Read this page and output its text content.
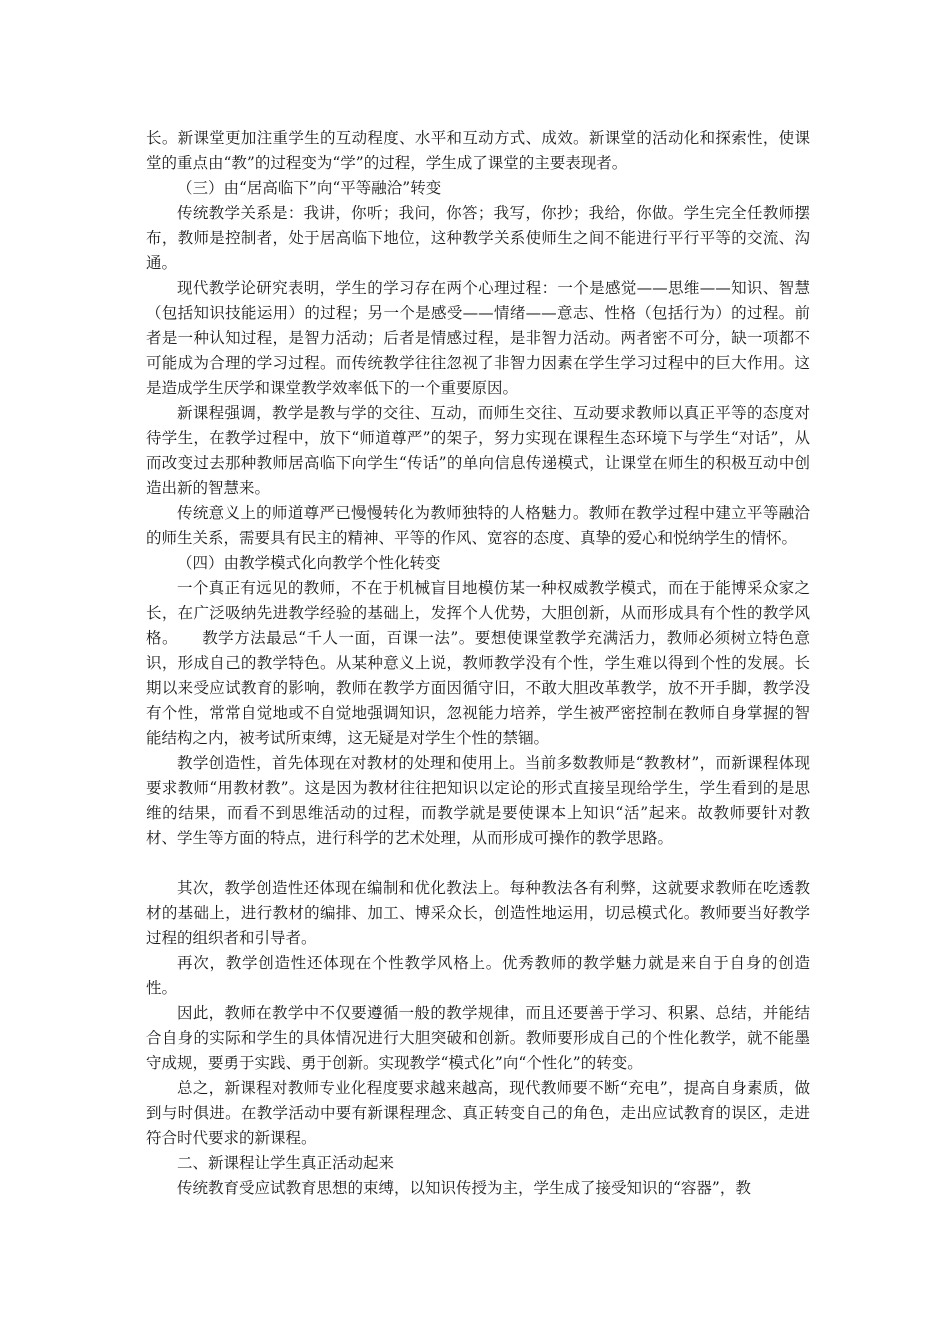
长。新课堂更加注重学生的互动程度、水平和互动方式、成效。新课堂的活动化和探索性，使课堂的重点由“教”的过程变为“学”的过程，学生成了课堂的主要表现者。

（三）由“居高临下”向“平等融洽”转变

传统教学关系是：我讲，你听；我问，你答；我写，你抄；我给，你做。学生完全任教师摆布，教师是控制者，处于居高临下地位，这种教学关系使师生之间不能进行平行平等的交流、沟通。

现代教学论研究表明，学生的学习存在两个心理过程：一个是感觉——思维——知识、智慧（包括知识技能运用）的过程；另一个是感受——情绪——意志、性格（包括行为）的过程。前者是一种认知过程，是智力活动；后者是情感过程，是非智力活动。两者密不可分，缺一项都不可能成为合理的学习过程。而传统教学往往忽视了非智力因素在学生学习过程中的巨大作用。这是造成学生厌学和课堂教学效率低下的一个重要原因。

新课程强调，教学是教与学的交往、互动，而师生交往、互动要求教师以真正平等的态度对待学生，在教学过程中，放下“师道尊严”的架子，努力实现在课程生态环境下与学生“对话”，从而改变过去那种教师居高临下向学生“传话”的单向信息传递模式，让课堂在师生的积极互动中创造出新的智慧来。

传统意义上的师道尊严已慢慢转化为教师独特的人格魅力。教师在教学过程中建立平等融洽的师生关系，需要具有民主的精神、平等的作风、宽容的态度、真挚的爱心和悦纳学生的情怀。

（四）由教学模式化向教学个性化转变

一个真正有远见的教师，不在于机械盲目地模仿某一种权威教学模式，而在于能博采众家之长，在广泛吸纳先进教学经验的基础上，发挥个人优势，大胆创新，从而形成具有个性的教学风格。　　教学方法最忌“千人一面，百课一法”。要想使课堂教学充满活力，教师必须树立特色意识，形成自己的教学特色。从某种意义上说，教师教学没有个性，学生难以得到个性的发展。长期以来受应试教育的影响，教师在教学方面因循守旧，不敢大胆改革教学，放不开手脚，教学没有个性，常常自觉地或不自觉地强调知识，忽视能力培养，学生被严密控制在教师自身掌握的智能结构之内，被考试所束缚，这无疑是对学生个性的禁锢。

教学创造性，首先体现在对教材的处理和使用上。当前多数教师是“教教材”，而新课程体现要求教师“用教材教”。这是因为教材往往把知识以定论的形式直接呈现给学生，学生看到的是思维的结果，而看不到思维活动的过程，而教学就是要使课本上知识“活”起来。故教师要针对教材、学生等方面的特点，进行科学的艺术处理，从而形成可操作的教学思路。

其次，教学创造性还体现在编制和优化教法上。每种教法各有利弊，这就要求教师在吃透教材的基础上，进行教材的编排、加工、博采众长，创造性地运用，切忌模式化。教师要当好教学过程的组织者和引导者。

再次，教学创造性还体现在个性教学风格上。优秀教师的教学魅力就是来自于自身的创造性。

因此，教师在教学中不仅要遵循一般的教学规律，而且还要善于学习、积累、总结，并能结合自身的实际和学生的具体情况进行大胆突破和创新。教师要形成自己的个性化教学，就不能墨守成规，要勇于实践、勇于创新。实现教学“模式化”向“个性化”的转变。

总之，新课程对教师专业化程度要求越来越高，现代教师要不断“充电”，提高自身素质，做到与时俱进。在教学活动中要有新课程理念、真正转变自己的角色，走出应试教育的误区，走进符合时代要求的新课程。

二、新课程让学生真正活动起来

传统教育受应试教育思想的束缚，以知识传授为主，学生成了接受知识的“容器”，教
